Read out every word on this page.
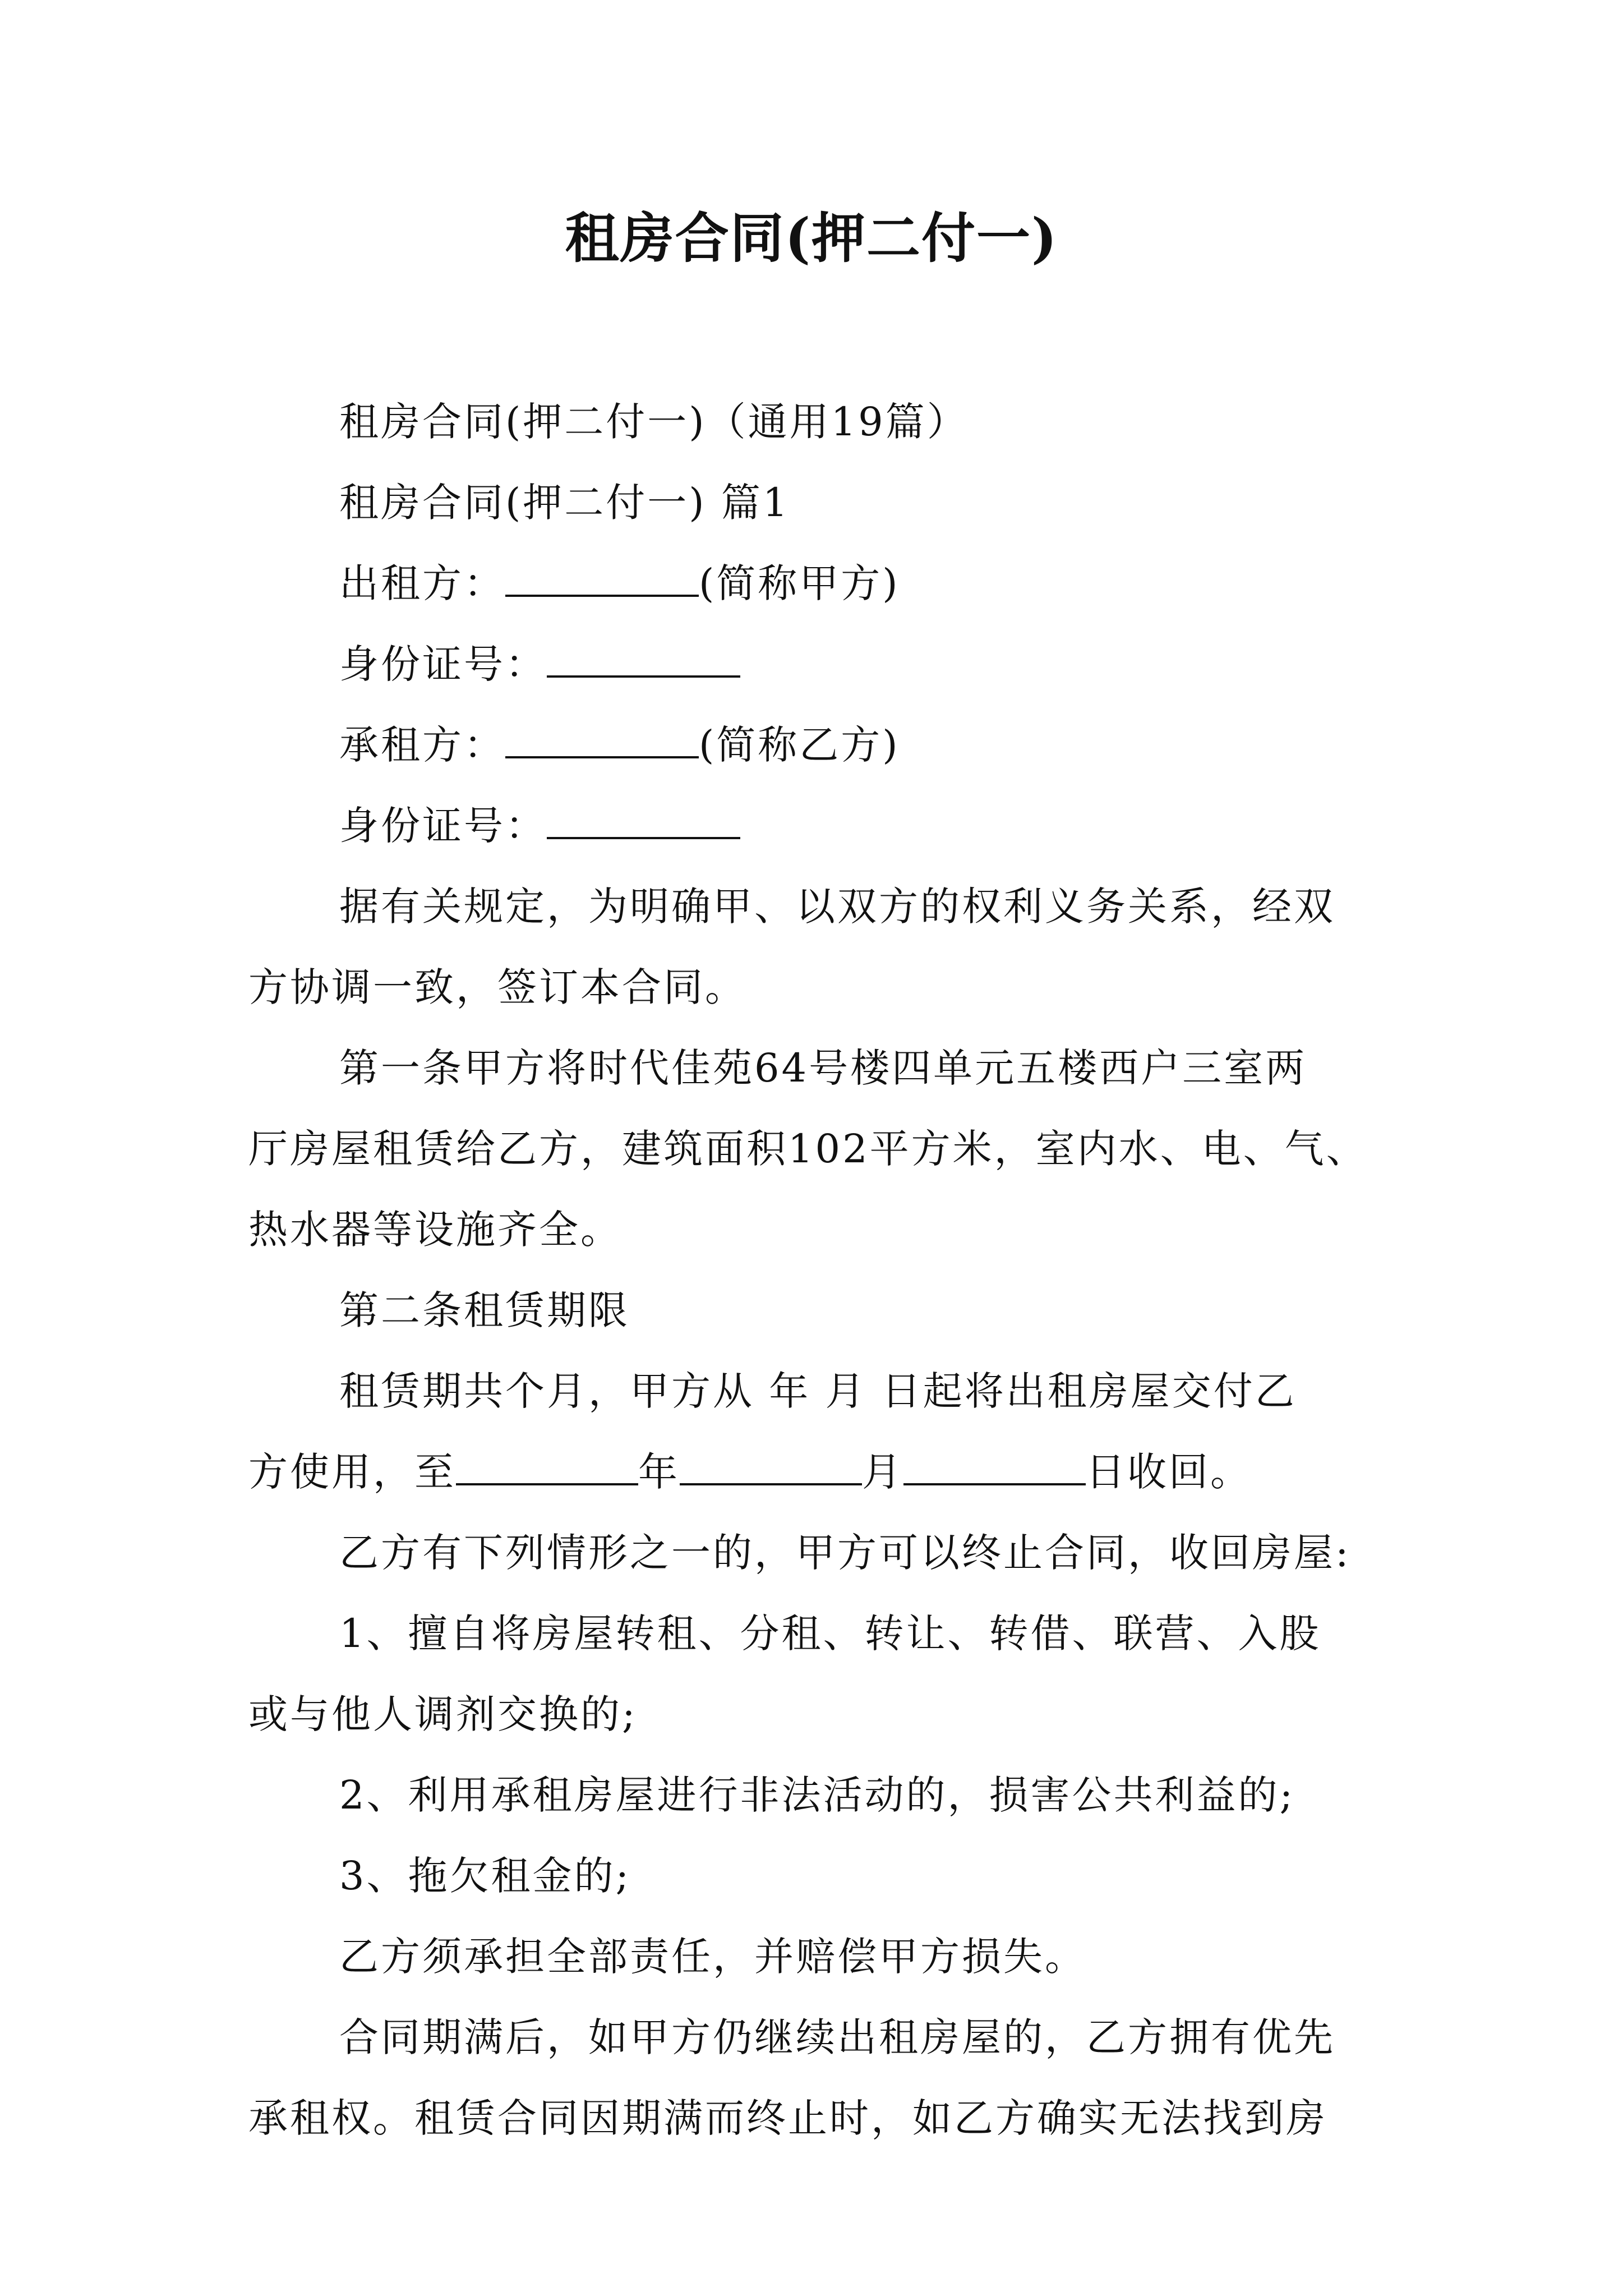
租房合同(押二付一)
租房合同(押二付一)（通用19篇）
租房合同(押二付一) 篇1
出租方：	(简称甲方)
身份证号：
承租方：	(简称乙方)
身份证号：
据有关规定，为明确甲、以双方的权利义务关系，经双
方协调一致，签订本合同。
第一条甲方将时代佳苑64号楼四单元五楼西户三室两
厅房屋租赁给乙方，建筑面积102平方米，室内水、电、气、
热水器等设施齐全。
第二条租赁期限
租赁期共个月，甲方从 年 月 日起将出租房屋交付乙
方使用，至	年	月	日收回。
乙方有下列情形之一的，甲方可以终止合同，收回房屋:
1、擅自将房屋转租、分租、转让、转借、联营、入股
或与他人调剂交换的;
2、利用承租房屋进行非法活动的，损害公共利益的;
3、拖欠租金的;
乙方须承担全部责任，并赔偿甲方损失。
合同期满后，如甲方仍继续出租房屋的，乙方拥有优先
承租权。租赁合同因期满而终止时，如乙方确实无法找到房
